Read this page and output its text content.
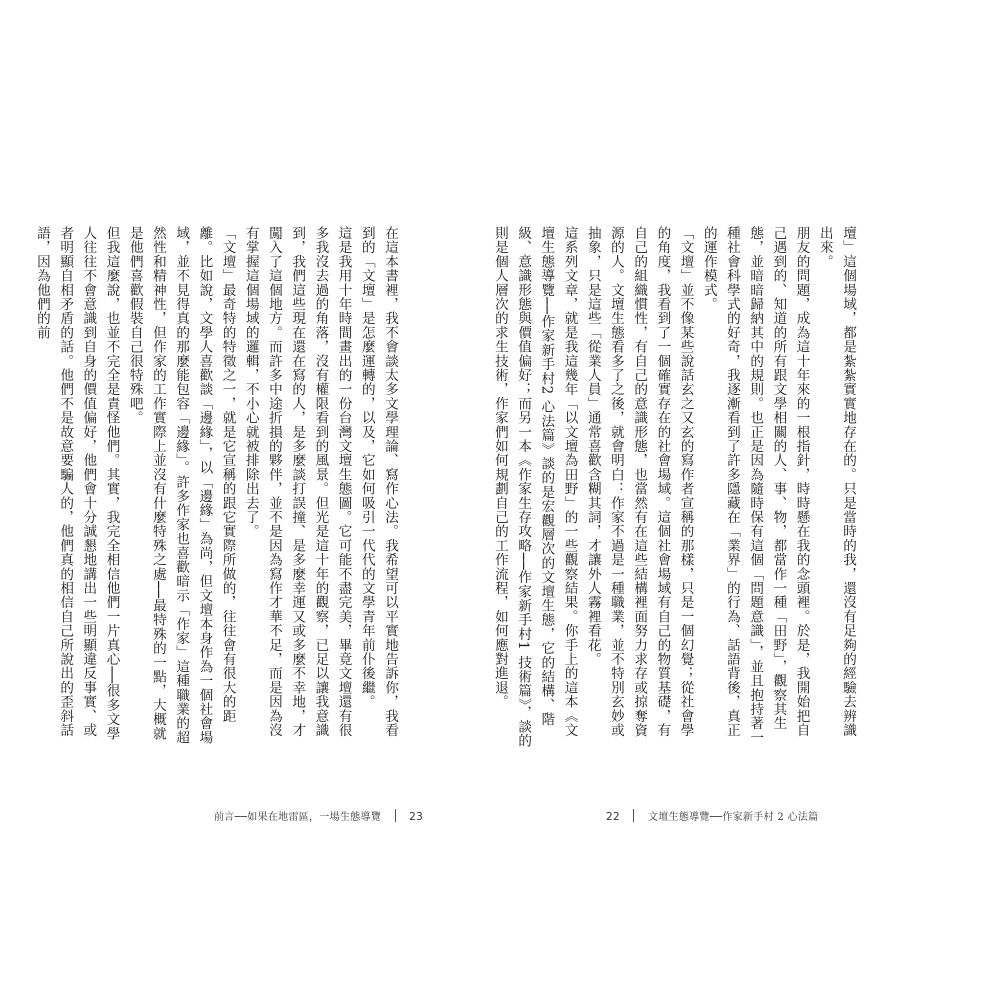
在這本書裡，我不會談太多文學理論、寫作心法。我希望可以平實地告訴你，我看到的「文壇」是怎麼運轉的，以及，它如何吸引一代代的文學青年前仆後繼。

這是我用十年時間畫出的一份台灣文壇生態圖。它可能不盡完美，畢竟文壇還有很多我沒去過的角落，沒有權限看到的風景。但光是這十年的觀察，已足以讓我意識到，我們這些現在還在寫的人，是多麼談打誤撞、是多麼幸運又或多麼不幸地，才闖入了這個地方。而許多中途折損的夥伴，並不是因為寫作才華不足，而是因為沒有掌握這個場域的邏輯，不小心就被排除出去了。

「文壇」最奇特的特徵之一，就是它宣稱的跟它實際所做的，往往會有很大的距離。比如說，文學人喜歡談「邊緣」，以「邊緣」為尚，但文壇本身作為一個社會場域，並不見得真的那麼能包容「邊緣」。許多作家也喜歡暗示「作家」這種職業的超然性和精神性，但作家的工作實際上並沒有什麼特殊之處──最特殊的一點，大概就是他們喜歡假裝自己很特殊吧。

但我這麼說，也並不完全是責怪他們。其實，我完全相信他們一片真心──很多文學人往往不會意識到自身的價值偏好，他們會十分誠懇地講出一些明顯違反事實、或者明顯自相矛盾的話。他們不是故意要騙人的，他們真的相信自己所說出的歪斜話語，因為他們的前

前言──如果在地雷區，一場生態導覽	23

壇」這個場域，都是紮紮實實地存在的。只是當時的我，還沒有足夠的經驗去辨識出來。

朋友的問題，成為這十年來的一根指針，時時懸在我的念頭裡。於是，我開始把自己遇到的、知道的所有跟文學相關的人、事、物，都當作一種「田野」，觀察其生態，並暗暗歸納其中的規則。也正是因為隨時保有這個「問題意識」，並且抱持著一種社會科學式的好奇，我逐漸看到了許多隱藏在「業界」的行為、話語背後，真正的運作模式。

「文壇」並不像某些說話玄之又玄的寫作者宣稱的那樣，只是一個幻覺；從社會學的角度，我看到了一個確實存在的社會場域。這個社會場域有自己的物質基礎，有自己的組織慣性，有自己的意識形態，也當然有在這些結構裡面努力求存或掠奪資源的人。文壇生態看多了之後，就會明白：作家不過是一種職業，並不特別玄妙或抽象，只是這些「從業人員」通常喜歡含糊其詞，才讓外人霧裡看花。

這系列文章，就是我這幾年「以文壇為田野」的一些觀察結果。你手上的這本《文壇生態導覽──作家新手村2 心法篇》談的是宏觀層次的文壇生態，它的結構、階級、意識形態與價值偏好；而另一本《作家生存攻略──作家新手村1 技術篇》，談的則是個人層次的求生技術，作家們如何規劃自己的工作流程，如何應對進退。

22	文壇生態導覽──作家新手村 2 心法篇
